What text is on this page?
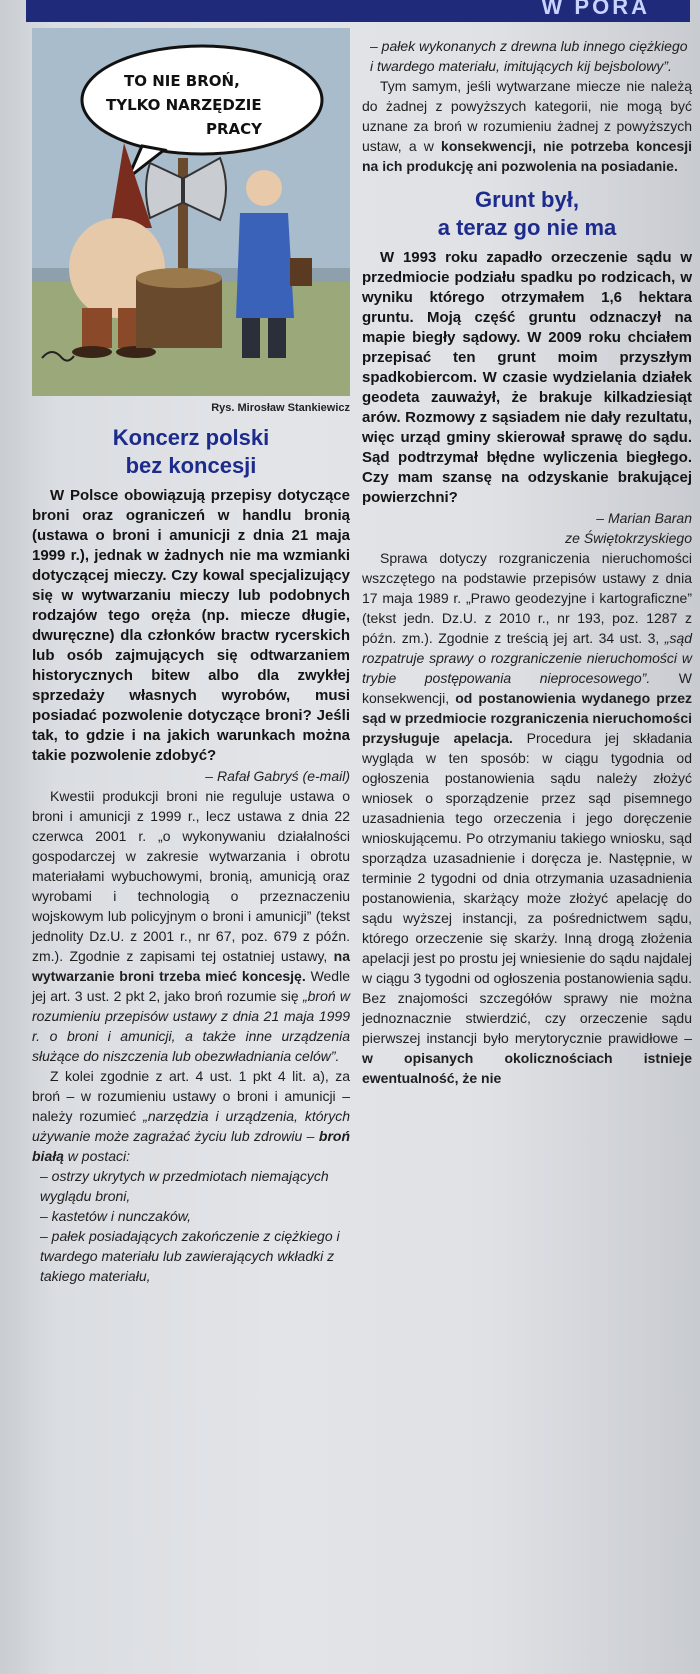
W PORA
TO NIE BROŃ,
TYLKO NARZĘDZIE
PRACY
Rys. Mirosław Stankiewicz
Koncerz polski
bez koncesji

W Polsce obowiązują przepisy dotyczące broni oraz ograniczeń w handlu bronią (ustawa o broni i amunicji z dnia 21 maja 1999 r.), jednak w żadnych nie ma wzmianki dotyczącej mieczy. Czy kowal specjalizujący się w wytwarzaniu mieczy lub podobnych rodzajów tego oręża (np. miecze długie, dwuręczne) dla członków bractw rycerskich lub osób zajmujących się odtwarzaniem historycznych bitew albo dla zwykłej sprzedaży własnych wyrobów, musi posiadać pozwolenie dotyczące broni? Jeśli tak, to gdzie i na jakich warunkach można takie pozwolenie zdobyć?

– Rafał Gabryś (e-mail)

Kwestii produkcji broni nie reguluje ustawa o broni i amunicji z 1999 r., lecz ustawa z dnia 22 czerwca 2001 r. „o wykonywaniu działalności gospodarczej w zakresie wytwarzania i obrotu materiałami wybuchowymi, bronią, amunicją oraz wyrobami i technologią o przeznaczeniu wojskowym lub policyjnym o broni i amunicji” (tekst jednolity Dz.U. z 2001 r., nr 67, poz. 679 z późn. zm.). Zgodnie z zapisami tej ostatniej ustawy, na wytwarzanie broni trzeba mieć koncesję. Wedle jej art. 3 ust. 2 pkt 2, jako broń rozumie się „broń w rozumieniu przepisów ustawy z dnia 21 maja 1999 r. o broni i amunicji, a także inne urządzenia służące do niszczenia lub obezwładniania celów”.

Z kolei zgodnie z art. 4 ust. 1 pkt 4 lit. a), za broń – w rozumieniu ustawy o broni i amunicji – należy rozumieć „narzędzia i urządzenia, których używanie może zagrażać życiu lub zdrowiu – broń białą w postaci:

– ostrzy ukrytych w przedmiotach niemających wyglądu broni,

– kastetów i nunczaków,

– pałek posiadających zakończenie z ciężkiego i twardego materiału lub zawierających wkładki z takiego materiału,

– pałek wykonanych z drewna lub innego ciężkiego i twardego materiału, imitujących kij bejsbolowy”.

Tym samym, jeśli wytwarzane miecze nie należą do żadnej z powyższych kategorii, nie mogą być uznane za broń w rozumieniu żadnej z powyższych ustaw, a w konsekwencji, nie potrzeba koncesji na ich produkcję ani pozwolenia na posiadanie.

Grunt był,
a teraz go nie ma

W 1993 roku zapadło orzeczenie sądu w przedmiocie podziału spadku po rodzicach, w wyniku którego otrzymałem 1,6 hektara gruntu. Moją część gruntu odznaczył na mapie biegły sądowy. W 2009 roku chciałem przepisać ten grunt moim przyszłym spadkobiercom. W czasie wydzielania działek geodeta zauważył, że brakuje kilkadziesiąt arów. Rozmowy z sąsiadem nie dały rezultatu, więc urząd gminy skierował sprawę do sądu. Sąd podtrzymał błędne wyliczenia biegłego. Czy mam szansę na odzyskanie brakującej powierzchni?

– Marian Baran

ze Świętokrzyskiego

Sprawa dotyczy rozgraniczenia nieruchomości wszczętego na podstawie przepisów ustawy z dnia 17 maja 1989 r. „Prawo geodezyjne i kartograficzne” (tekst jedn. Dz.U. z 2010 r., nr 193, poz. 1287 z późn. zm.). Zgodnie z treścią jej art. 34 ust. 3, „sąd rozpatruje sprawy o rozgraniczenie nieruchomości w trybie postępowania nieprocesowego”. W konsekwencji, od postanowienia wydanego przez sąd w przedmiocie rozgraniczenia nieruchomości przysługuje apelacja. Procedura jej składania wygląda w ten sposób: w ciągu tygodnia od ogłoszenia postanowienia sądu należy złożyć wniosek o sporządzenie przez sąd pisemnego uzasadnienia tego orzeczenia i jego doręczenie wnioskującemu. Po otrzymaniu takiego wniosku, sąd sporządza uzasadnienie i doręcza je. Następnie, w terminie 2 tygodni od dnia otrzymania uzasadnienia postanowienia, skarżący może złożyć apelację do sądu wyższej instancji, za pośrednictwem sądu, którego orzeczenie się skarży. Inną drogą złożenia apelacji jest po prostu jej wniesienie do sądu najdalej w ciągu 3 tygodni od ogłoszenia postanowienia sądu. Bez znajomości szczegółów sprawy nie można jednoznacznie stwierdzić, czy orzeczenie sądu pierwszej instancji było merytorycznie prawidłowe – w opisanych okolicznościach istnieje ewentualność, że nie
